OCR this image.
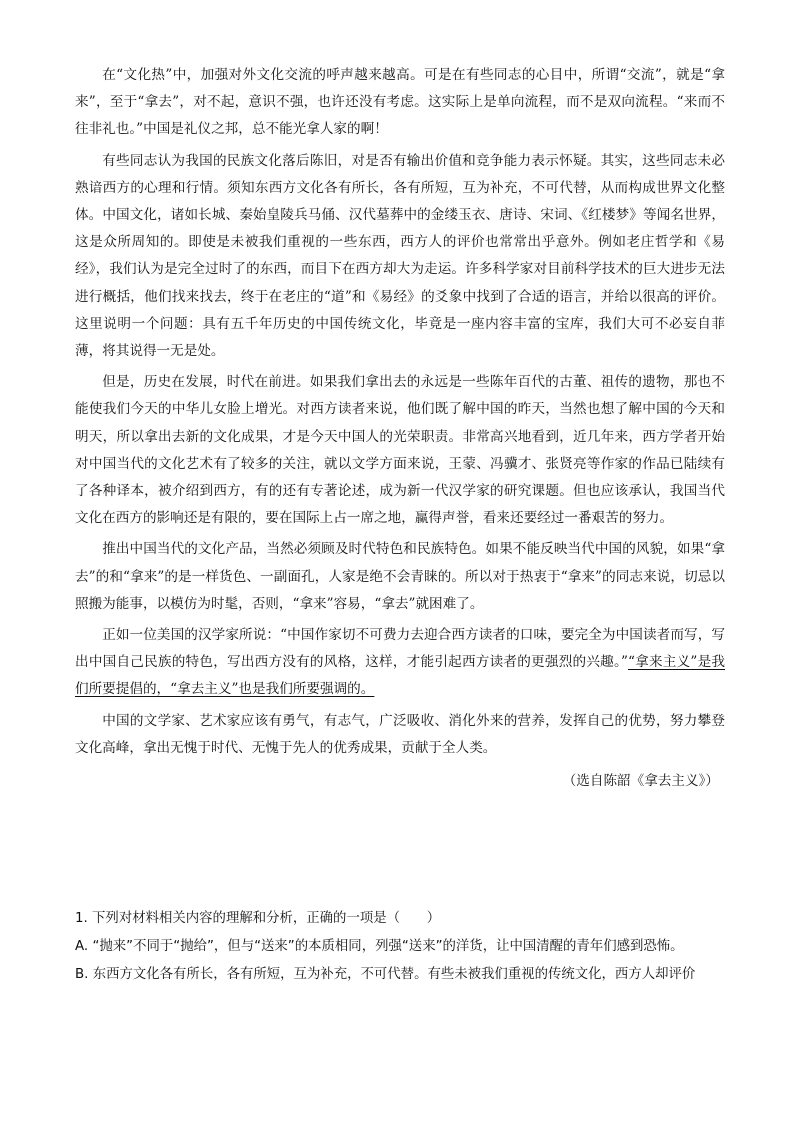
在“文化热”中，加强对外文化交流的呼声越来越高。可是在有些同志的心目中，所谓“交流”，就是“拿来”，至于“拿去”，对不起，意识不强，也许还没有考虑。这实际上是单向流程，而不是双向流程。“来而不往非礼也。”中国是礼仪之邦，总不能光拿人家的啊！

有些同志认为我国的民族文化落后陈旧，对是否有输出价值和竞争能力表示怀疑。其实，这些同志未必熟谙西方的心理和行情。须知东西方文化各有所长，各有所短，互为补充，不可代替，从而构成世界文化整体。中国文化，诸如长城、秦始皇陵兵马俑、汉代墓葬中的金缕玉衣、唐诗、宋词、《红楼梦》等闻名世界，这是众所周知的。即使是未被我们重视的一些东西，西方人的评价也常常出乎意外。例如老庄哲学和《易经》，我们认为是完全过时了的东西，而目下在西方却大为走运。许多科学家对目前科学技术的巨大进步无法进行概括，他们找来找去，终于在老庄的“道”和《易经》的爻象中找到了合适的语言，并给以很高的评价。这里说明一个问题：具有五千年历史的中国传统文化，毕竟是一座内容丰富的宝库，我们大可不必妄自菲薄，将其说得一无是处。

但是，历史在发展，时代在前进。如果我们拿出去的永远是一些陈年百代的古董、祖传的遗物，那也不能使我们今天的中华儿女脸上增光。对西方读者来说，他们既了解中国的昨天，当然也想了解中国的今天和明天，所以拿出去新的文化成果，才是今天中国人的光荣职责。非常高兴地看到，近几年来，西方学者开始对中国当代的文化艺术有了较多的关注，就以文学方面来说，王蒙、冯骥才、张贤亮等作家的作品已陆续有了各种译本，被介绍到西方，有的还有专著论述，成为新一代汉学家的研究课题。但也应该承认，我国当代文化在西方的影响还是有限的，要在国际上占一席之地，赢得声誉，看来还要经过一番艰苦的努力。

推出中国当代的文化产品，当然必须顾及时代特色和民族特色。如果不能反映当代中国的风貌，如果“拿去”的和“拿来”的是一样货色、一副面孔，人家是绝不会青睐的。所以对于热衷于“拿来”的同志来说，切忌以照搬为能事，以模仿为时髦，否则，“拿来”容易，“拿去”就困难了。

正如一位美国的汉学家所说：“中国作家切不可费力去迎合西方读者的口味，要完全为中国读者而写，写出中国自己民族的特色，写出西方没有的风格，这样，才能引起西方读者的更强烈的兴趣。”“拿来主义”是我们所要提倡的，“拿去主义”也是我们所要强调的。

中国的文学家、艺术家应该有勇气，有志气，广泛吸收、消化外来的营养，发挥自己的优势，努力攀登文化高峰，拿出无愧于时代、无愧于先人的优秀成果，贡献于全人类。

（选自陈韶《拿去主义》）

1. 下列对材料相关内容的理解和分析，正确的一项是（　　）

A. “抛来”不同于“抛给”，但与“送来”的本质相同，列强“送来”的洋货，让中国清醒的青年们感到恐怖。

B. 东西方文化各有所长，各有所短，互为补充，不可代替。有些未被我们重视的传统文化，西方人却评价
